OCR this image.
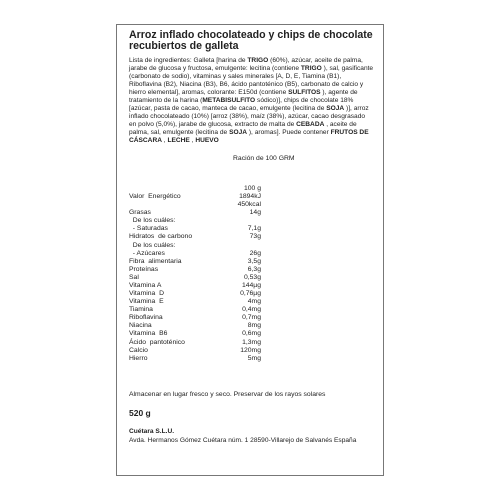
Arroz inflado chocolateado y chips de chocolate recubiertos de galleta
Lista de ingredientes: Galleta [harina de TRIGO (60%), azúcar, aceite de palma, jarabe de glucosa y fructosa, emulgente: lecitina (contiene TRIGO ), sal, gasificante (carbonato de sodio), vitaminas y sales minerales [A, D, E, Tiamina (B1), Riboflavina (B2), Niacina (B3), B6, ácido pantoténico (B5), carbonato de calcio y hierro elemental], aromas, colorante: E150d (contiene SULFITOS ), agente de tratamiento de la harina (METABISULFITO sódico)], chips de chocolate 18% [azúcar, pasta de cacao, manteca de cacao, emulgente (lecitina de SOJA )], arroz inflado chocolateado (10%) [arroz (38%), maíz (38%), azúcar, cacao desgrasado en polvo (5,0%), jarabe de glucosa, extracto de malta de CEBADA , aceite de palma, sal, emulgente (lecitina de SOJA ), aromas]. Puede contener FRUTOS DE CÁSCARA , LECHE , HUEVO
Ración de 100 GRM
100 g
Valor  Energético	1894kJ
450kcal
Grasas	14g
De los cuáles:
- Saturadas	7,1g
Hidratos  de carbono	73g
De los cuáles:
- Azúcares	26g
Fibra  alimentaria	3,5g
Proteínas	6,3g
Sal	0,53g
Vitamina A	144µg
Vitamina  D	0,76µg
Vitamina  E	4mg
Tiamina	0,4mg
Riboflavina	0,7mg
Niacina	8mg
Vitamina  B6	0,6mg
Ácido  pantoténico	1,3mg
Calcio	120mg
Hierro	5mg
Almacenar en lugar fresco y seco. Preservar de los rayos solares
520 g
Cuétara S.L.U.
Avda. Hermanos Gómez Cuétara núm. 1 28590-Villarejo de Salvanés España
